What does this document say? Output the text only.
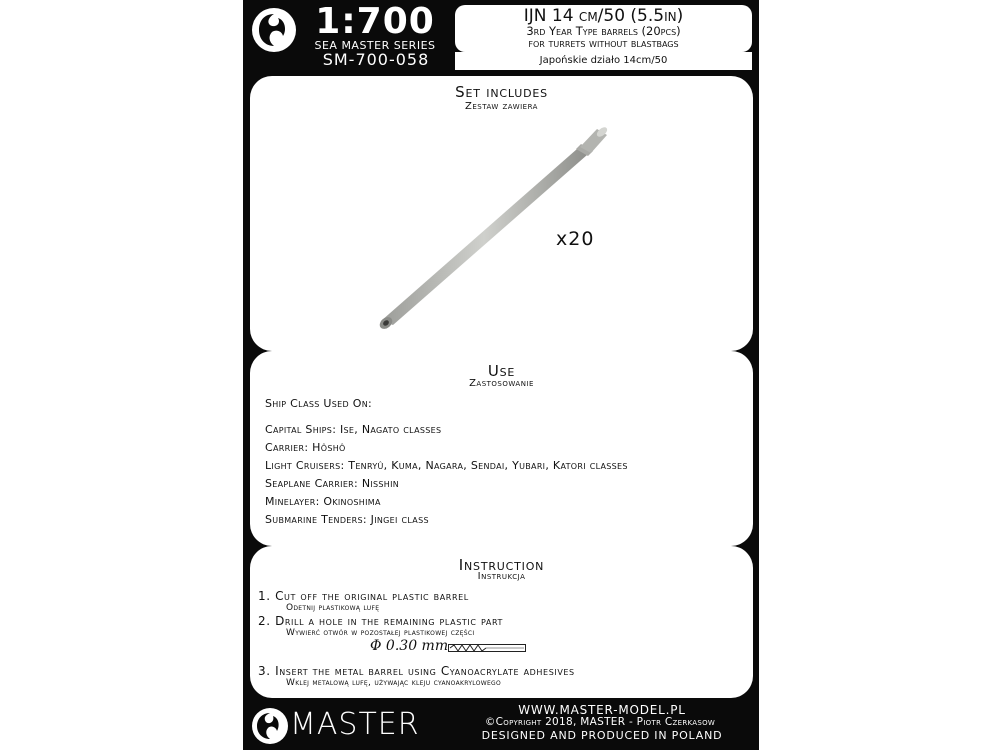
1:700
SEA MASTER SERIES
SM-700-058
IJN 14 cm/50 (5.5in)
3rd Year Type barrels (20pcs)
for turrets without blastbags
Japońskie działo 14cm/50
Set includes
Zestaw zawiera
x20
Use
Zastosowanie
Ship Class Used On:
Capital Ships: Ise, Nagato classes
Carrier: Hôshô
Light Cruisers: Tenryû, Kuma, Nagara, Sendai, Yubari, Katori classes
Seaplane Carrier: Nisshin
Minelayer: Okinoshima
Submarine Tenders: Jingei class
Instruction
Instrukcja
1. Cut off the original plastic barrel
Odetnij plastikową lufę
2. Drill a hole in the remaining plastic part
Wywierć otwór w pozostałej plastikowej części
Φ 0.30 mm
3. Insert the metal barrel using Cyanoacrylate adhesives
Wklej metalową lufę, używając kleju cyanoakrylowego
MASTER	WWW.MASTER-MODEL.PL
©Copyright 2018, MASTER - Piotr Czerkasow
DESIGNED AND PRODUCED IN POLAND
